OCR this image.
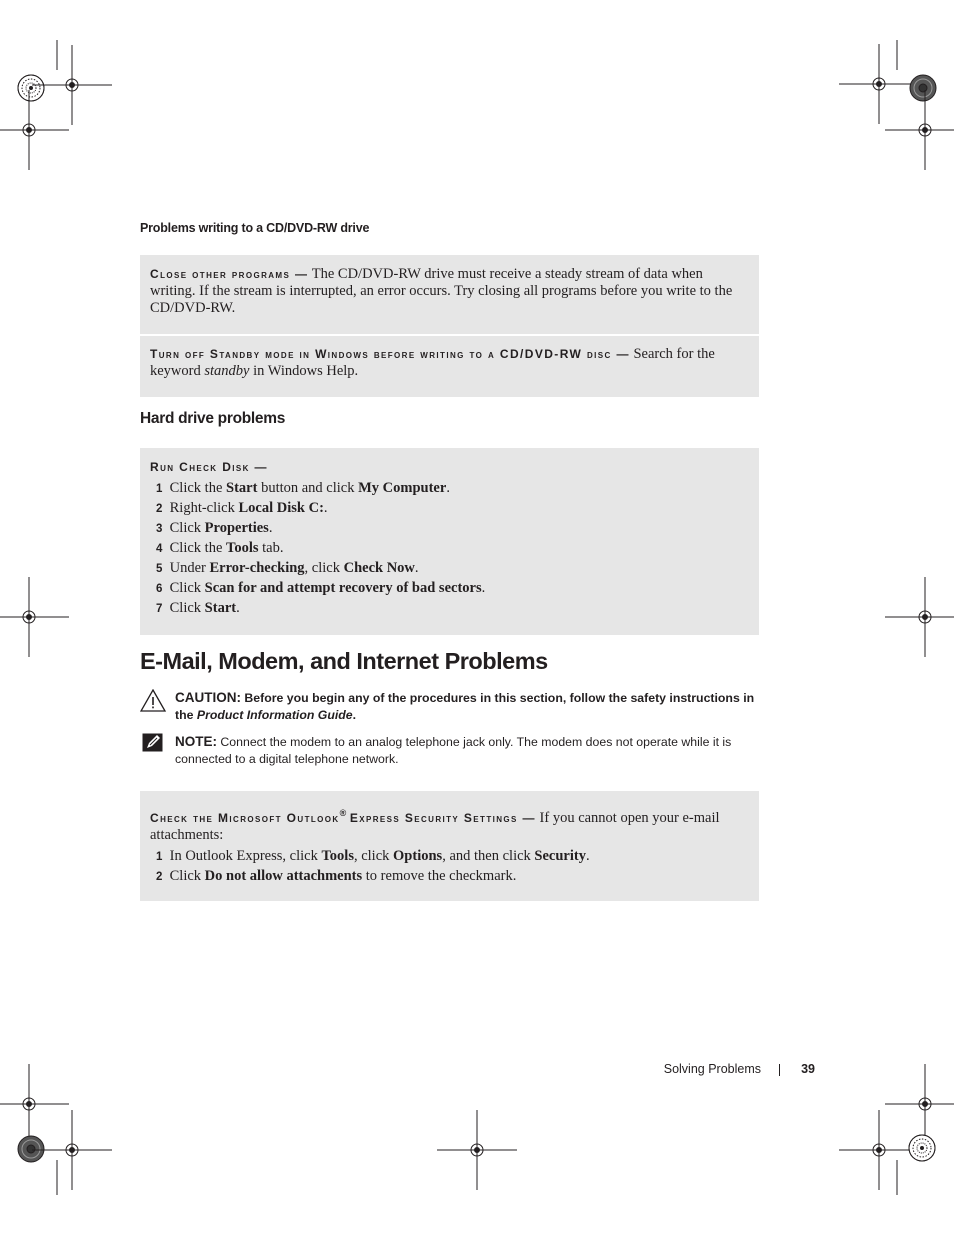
Problems writing to a CD/DVD-RW drive
Close other programs — The CD/DVD-RW drive must receive a steady stream of data when writing. If the stream is interrupted, an error occurs. Try closing all programs before you write to the CD/DVD-RW.
Turn off Standby mode in Windows before writing to a CD/DVD-RW disc — Search for the keyword standby in Windows Help.
Hard drive problems
Run Check Disk —
1 Click the Start button and click My Computer.
2 Right-click Local Disk C:.
3 Click Properties.
4 Click the Tools tab.
5 Under Error-checking, click Check Now.
6 Click Scan for and attempt recovery of bad sectors.
7 Click Start.
E-Mail, Modem, and Internet Problems
CAUTION: Before you begin any of the procedures in this section, follow the safety instructions in the Product Information Guide.
NOTE: Connect the modem to an analog telephone jack only. The modem does not operate while it is connected to a digital telephone network.
Check the Microsoft Outlook® Express Security Settings — If you cannot open your e-mail attachments:
1 In Outlook Express, click Tools, click Options, and then click Security.
2 Click Do not allow attachments to remove the checkmark.
Solving Problems	39
